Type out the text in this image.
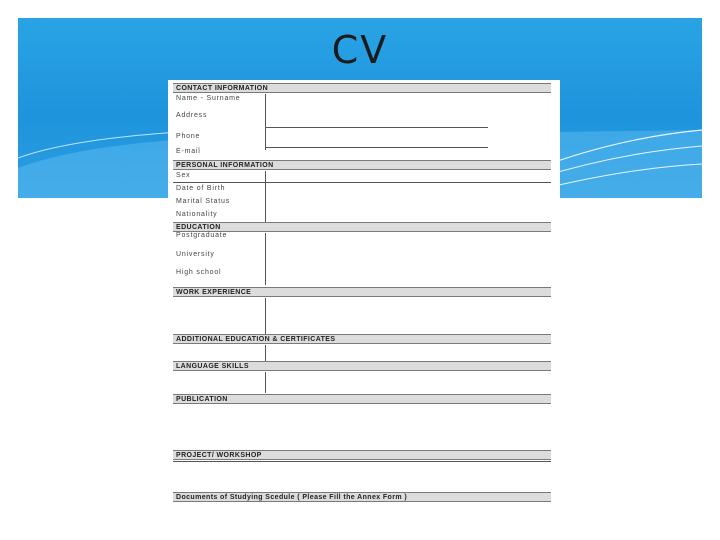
CV
CONTACT INFORMATION
Name - Surname
Address
Phone
E-mail
PERSONAL INFORMATION
Sex
Date of Birth
Marital Status
Nationality
EDUCATION
Postgraduate
University
High school
WORK EXPERIENCE
ADDITIONAL EDUCATION & CERTIFICATES
LANGUAGE SKILLS
PUBLICATION
PROJECT/ WORKSHOP
Documents of Studying Scedule ( Please Fill the Annex Form )
